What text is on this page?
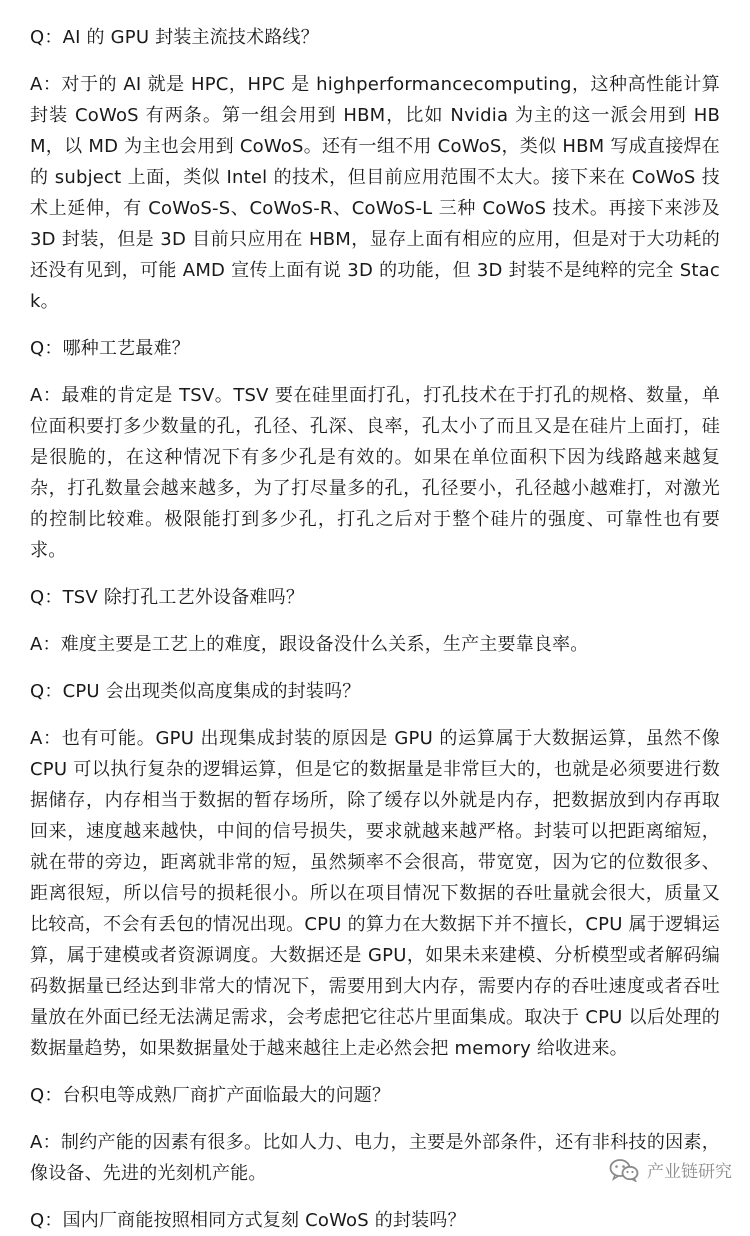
Q：AI 的 GPU 封装主流技术路线？

A：对于的 AI 就是 HPC，HPC 是 highperformancecomputing，这种高性能计算封装 CoWoS 有两条。第一组会用到 HBM，比如 Nvidia 为主的这一派会用到 HBM，以 MD 为主也会用到 CoWoS。还有一组不用 CoWoS，类似 HBM 写成直接焊在的 subject 上面，类似 Intel 的技术，但目前应用范围不太大。接下来在 CoWoS 技术上延伸，有 CoWoS-S、CoWoS-R、CoWoS-L 三种 CoWoS 技术。再接下来涉及 3D 封装，但是 3D 目前只应用在 HBM，显存上面有相应的应用，但是对于大功耗的还没有见到，可能 AMD 宣传上面有说 3D 的功能，但 3D 封装不是纯粹的完全 Stack。

Q：哪种工艺最难？

A：最难的肯定是 TSV。TSV 要在硅里面打孔，打孔技术在于打孔的规格、数量，单位面积要打多少数量的孔，孔径、孔深、良率，孔太小了而且又是在硅片上面打，硅是很脆的，在这种情况下有多少孔是有效的。如果在单位面积下因为线路越来越复杂，打孔数量会越来越多，为了打尽量多的孔，孔径要小，孔径越小越难打，对激光的控制比较难。极限能打到多少孔，打孔之后对于整个硅片的强度、可靠性也有要求。

Q：TSV 除打孔工艺外设备难吗？

A：难度主要是工艺上的难度，跟设备没什么关系，生产主要靠良率。

Q：CPU 会出现类似高度集成的封装吗？

A：也有可能。GPU 出现集成封装的原因是 GPU 的运算属于大数据运算，虽然不像 CPU 可以执行复杂的逻辑运算，但是它的数据量是非常巨大的，也就是必须要进行数据储存，内存相当于数据的暂存场所，除了缓存以外就是内存，把数据放到内存再取回来，速度越来越快，中间的信号损失，要求就越来越严格。封装可以把距离缩短，就在带的旁边，距离就非常的短，虽然频率不会很高，带宽宽，因为它的位数很多、距离很短，所以信号的损耗很小。所以在项目情况下数据的吞吐量就会很大，质量又比较高，不会有丢包的情况出现。CPU 的算力在大数据下并不擅长，CPU 属于逻辑运算，属于建模或者资源调度。大数据还是 GPU，如果未来建模、分析模型或者解码编码数据量已经达到非常大的情况下，需要用到大内存，需要内存的吞吐速度或者吞吐量放在外面已经无法满足需求，会考虑把它往芯片里面集成。取决于 CPU 以后处理的数据量趋势，如果数据量处于越来越往上走必然会把 memory 给收进来。

Q：台积电等成熟厂商扩产面临最大的问题？

A：制约产能的因素有很多。比如人力、电力，主要是外部条件，还有非科技的因素，像设备、先进的光刻机产能。

Q：国内厂商能按照相同方式复刻 CoWoS 的封装吗？

产业链研究
